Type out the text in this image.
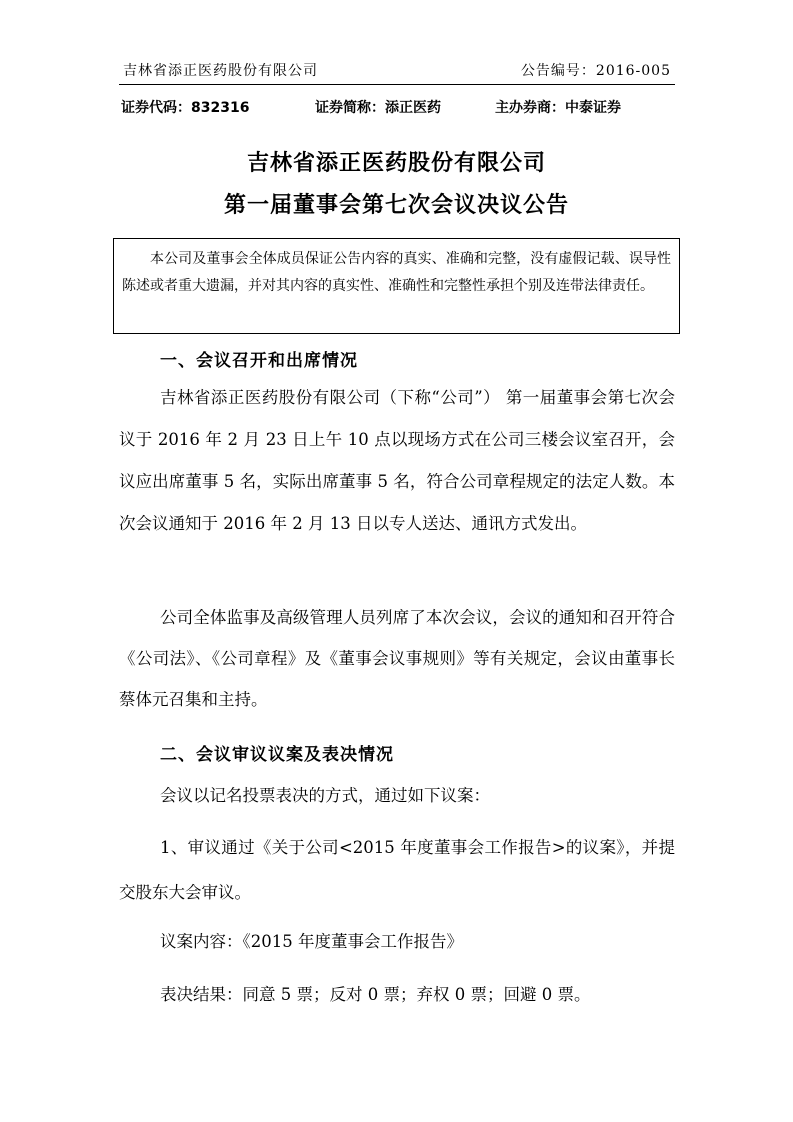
吉林省添正医药股份有限公司	公告编号：2016-005
证券代码：832316	证券简称：添正医药	主办券商：中泰证券
吉林省添正医药股份有限公司
第一届董事会第七次会议决议公告
本公司及董事会全体成员保证公告内容的真实、准确和完整，没有虚假记载、误导性陈述或者重大遗漏，并对其内容的真实性、准确性和完整性承担个别及连带法律责任。
一、会议召开和出席情况
吉林省添正医药股份有限公司（下称“公司”） 第一届董事会第七次会议于 2016 年 2 月 23 日上午 10 点以现场方式在公司三楼会议室召开，会议应出席董事 5 名，实际出席董事 5 名，符合公司章程规定的法定人数。本次会议通知于 2016 年 2 月 13 日以专人送达、通讯方式发出。
公司全体监事及高级管理人员列席了本次会议，会议的通知和召开符合《公司法》、《公司章程》及《董事会议事规则》等有关规定，会议由董事长蔡体元召集和主持。
二、会议审议议案及表决情况
会议以记名投票表决的方式，通过如下议案：
1、审议通过《关于公司<2015 年度董事会工作报告>的议案》，并提交股东大会审议。
议案内容：《2015 年度董事会工作报告》
表决结果：同意 5 票；反对 0 票；弃权 0 票；回避 0 票。
